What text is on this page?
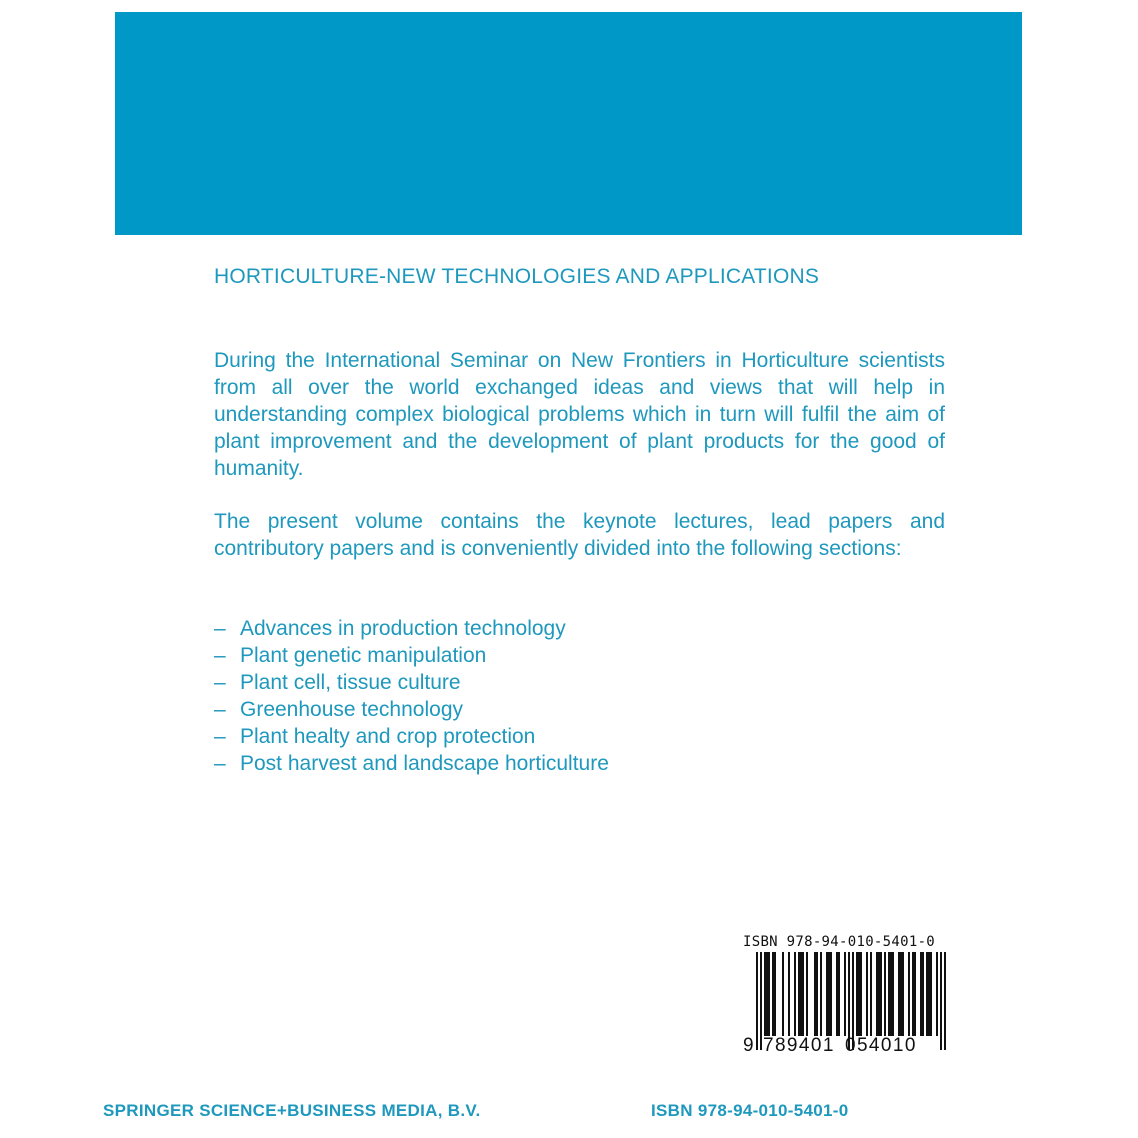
HORTICULTURE-NEW TECHNOLOGIES AND APPLICATIONS

During the International Seminar on New Frontiers in Horticulture scientists from all over the world exchanged ideas and views that will help in understanding complex biological problems which in turn will fulfil the aim of plant improvement and the development of plant products for the good of humanity.

The present volume contains the keynote lectures, lead papers and contributory papers and is conveniently divided into the following sections:

– Advances in production technology
– Plant genetic manipulation
– Plant cell, tissue culture
– Greenhouse technology
– Plant healty and crop protection
– Post harvest and landscape horticulture
ISBN 978-94-010-5401-0
9 789401 054010
SPRINGER SCIENCE+BUSINESS MEDIA, B.V.	ISBN 978-94-010-5401-0
